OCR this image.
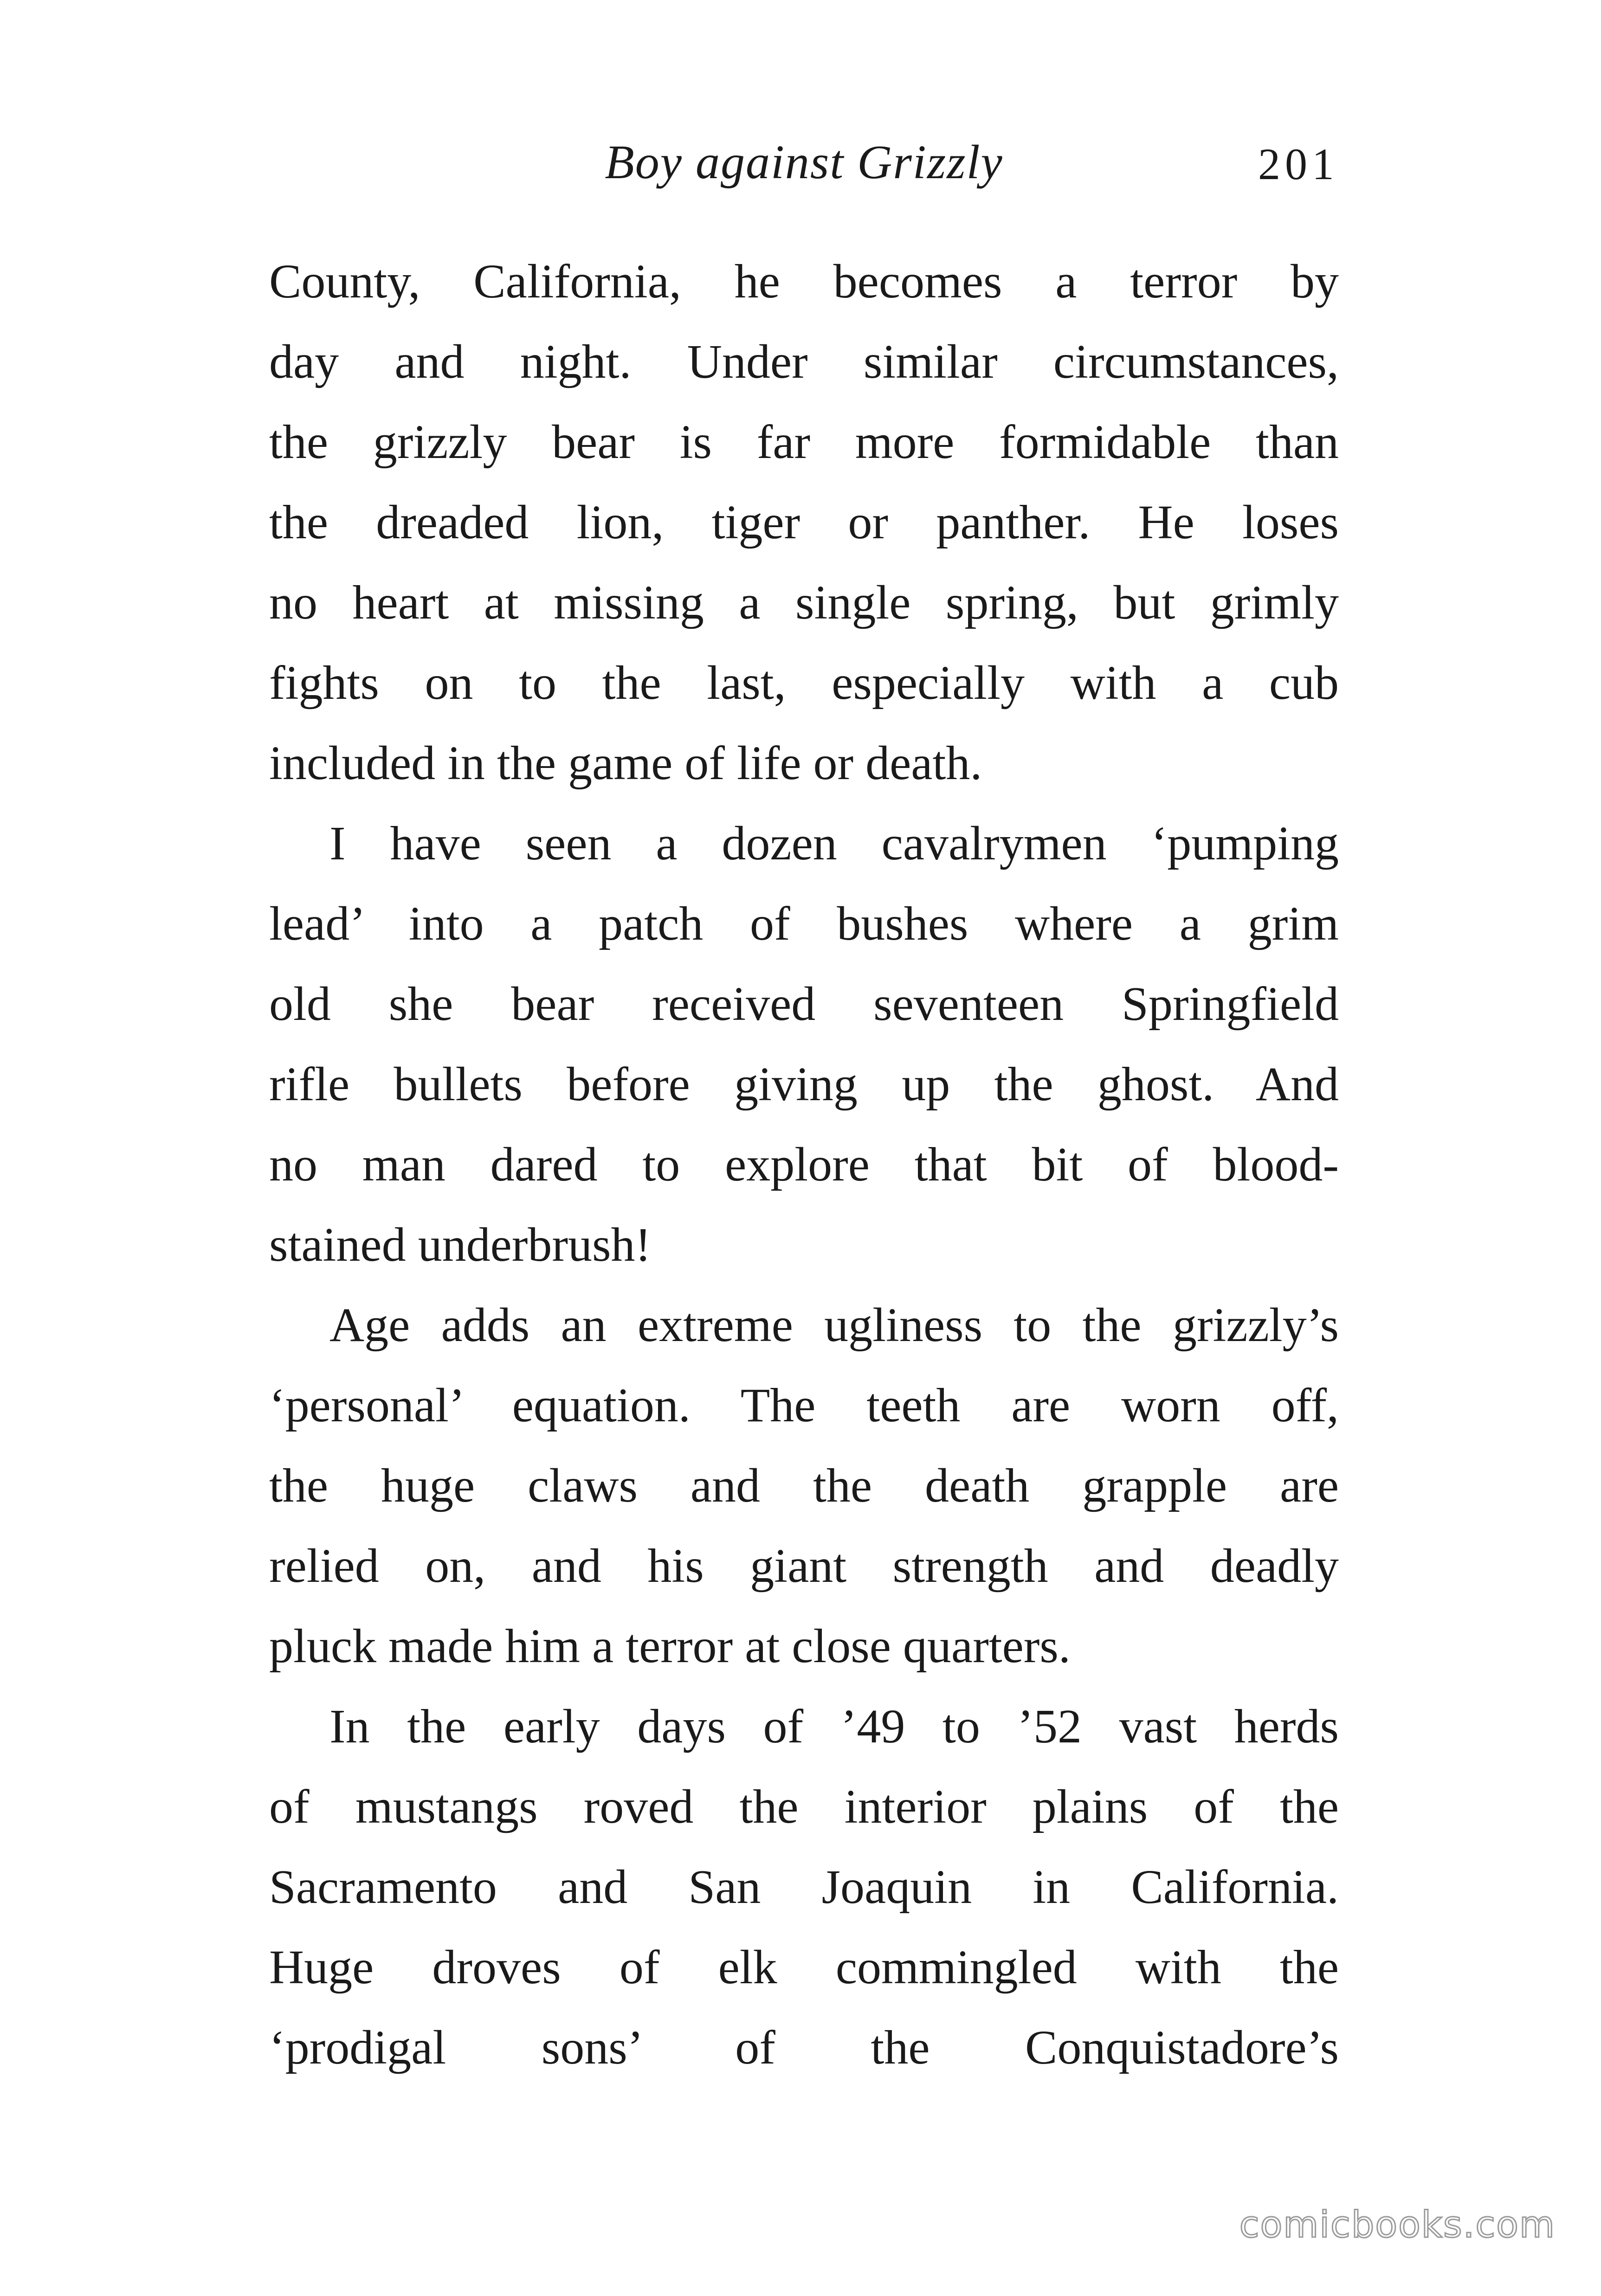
Boy against Grizzly	201
County, California, he becomes a terror by
day and night. Under similar circumstances,
the grizzly bear is far more formidable than
the dreaded lion, tiger or panther. He loses
no heart at missing a single spring, but grimly
fights on to the last, especially with a cub
included in the game of life or death.
I have seen a dozen cavalrymen ‘pumping
lead’ into a patch of bushes where a grim
old she bear received seventeen Springfield
rifle bullets before giving up the ghost. And
no man dared to explore that bit of blood-
stained underbrush!
Age adds an extreme ugliness to the grizzly’s
‘personal’ equation. The teeth are worn off,
the huge claws and the death grapple are
relied on, and his giant strength and deadly
pluck made him a terror at close quarters.
In the early days of ’49 to ’52 vast herds
of mustangs roved the interior plains of the
Sacramento and San Joaquin in California.
Huge droves of elk commingled with the
‘prodigal sons’ of the Conquistadore’s
comicbooks.com
